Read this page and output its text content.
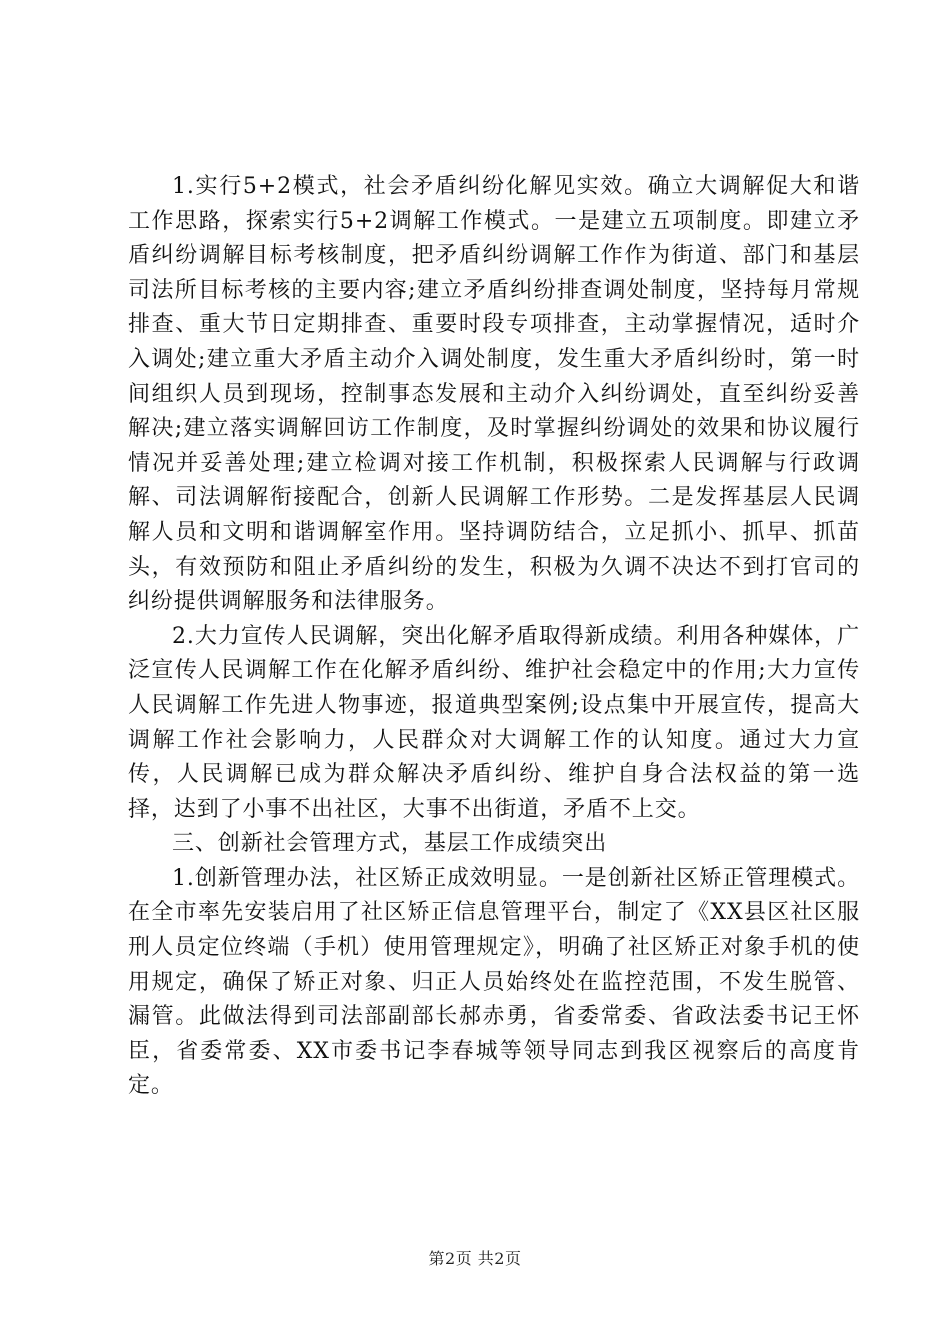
1.实行5+2模式，社会矛盾纠纷化解见实效。确立大调解促大和谐工作思路，探索实行5+2调解工作模式。一是建立五项制度。即建立矛盾纠纷调解目标考核制度，把矛盾纠纷调解工作作为街道、部门和基层司法所目标考核的主要内容;建立矛盾纠纷排查调处制度，坚持每月常规排查、重大节日定期排查、重要时段专项排查，主动掌握情况，适时介入调处;建立重大矛盾主动介入调处制度，发生重大矛盾纠纷时，第一时间组织人员到现场，控制事态发展和主动介入纠纷调处，直至纠纷妥善解决;建立落实调解回访工作制度，及时掌握纠纷调处的效果和协议履行情况并妥善处理;建立检调对接工作机制，积极探索人民调解与行政调解、司法调解衔接配合，创新人民调解工作形势。二是发挥基层人民调解人员和文明和谐调解室作用。坚持调防结合，立足抓小、抓早、抓苗头，有效预防和阻止矛盾纠纷的发生，积极为久调不决达不到打官司的纠纷提供调解服务和法律服务。

2.大力宣传人民调解，突出化解矛盾取得新成绩。利用各种媒体，广泛宣传人民调解工作在化解矛盾纠纷、维护社会稳定中的作用;大力宣传人民调解工作先进人物事迹，报道典型案例;设点集中开展宣传，提高大调解工作社会影响力，人民群众对大调解工作的认知度。通过大力宣传，人民调解已成为群众解决矛盾纠纷、维护自身合法权益的第一选择，达到了小事不出社区，大事不出街道，矛盾不上交。

三、创新社会管理方式，基层工作成绩突出

1.创新管理办法，社区矫正成效明显。一是创新社区矫正管理模式。在全市率先安装启用了社区矫正信息管理平台，制定了《XX县区社区服刑人员定位终端（手机）使用管理规定》，明确了社区矫正对象手机的使用规定，确保了矫正对象、归正人员始终处在监控范围，不发生脱管、漏管。此做法得到司法部副部长郝赤勇，省委常委、省政法委书记王怀臣，省委常委、XX市委书记李春城等领导同志到我区视察后的高度肯定。

第2页 共2页
